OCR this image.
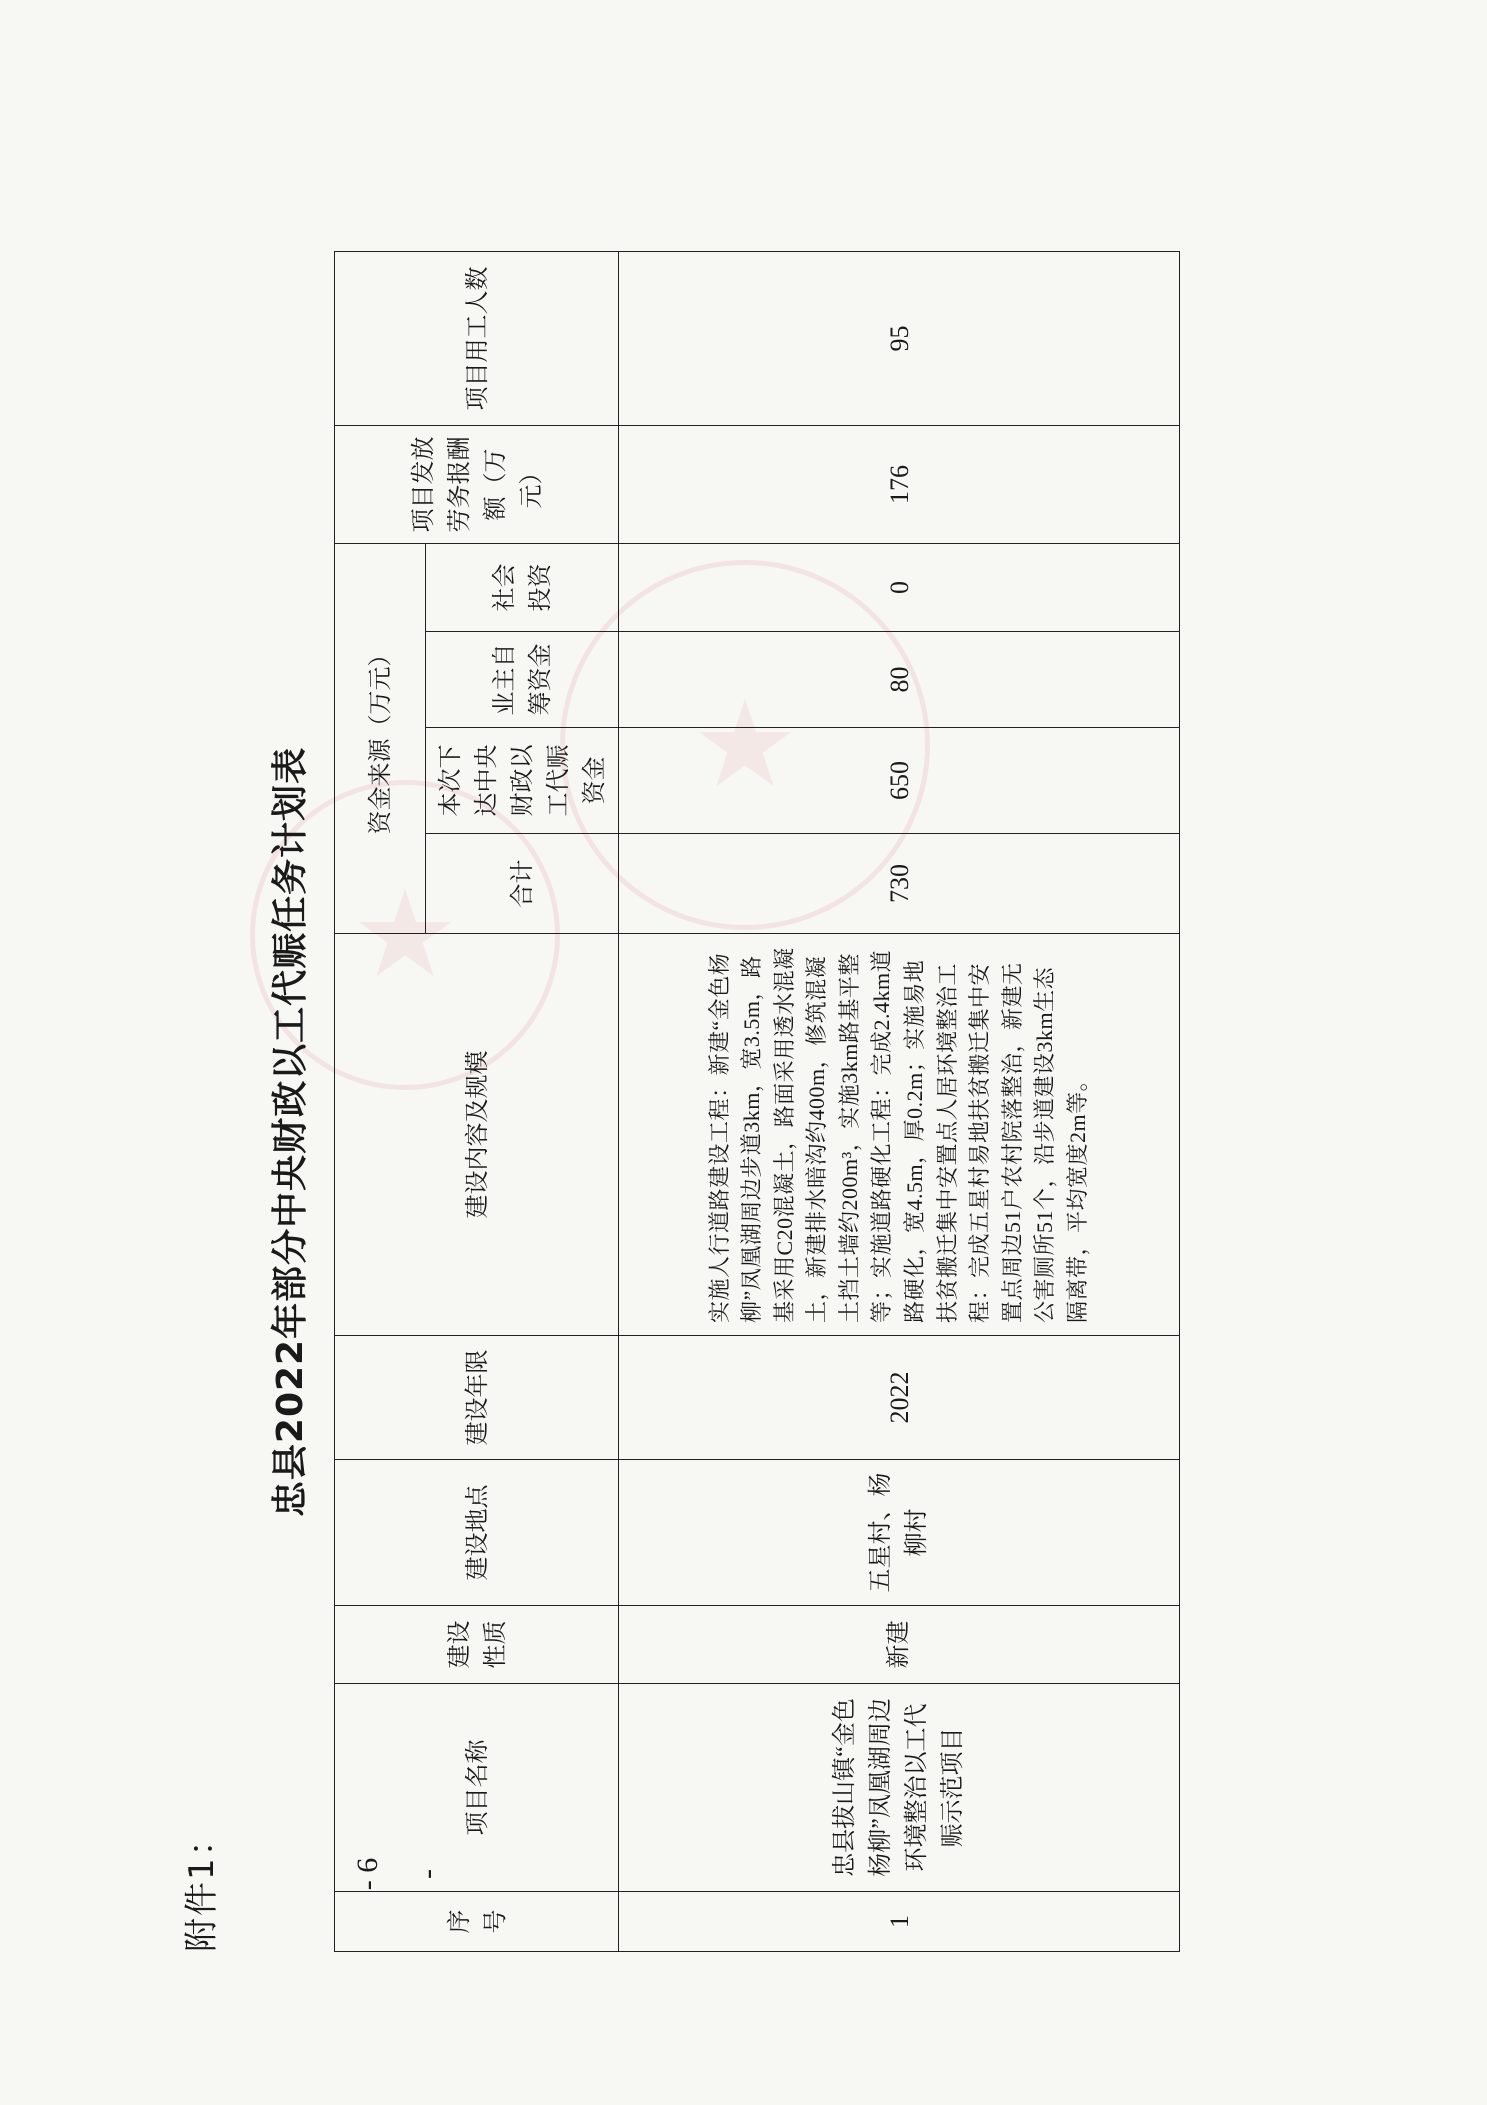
★
★
- 6 -
附件1：
忠县2022年部分中央财政以工代赈任务计划表
序号	项目名称	建设性质	建设地点	建设年限	建设内容及规模	资金来源（万元）				项目发放劳务报酬额（万元）	项目用工人数
						合计	本次下达中央财政以工代赈资金	业主自筹资金	社会投资		
1	忠县拔山镇“金色杨柳”凤凰湖周边环境整治以工代赈示范项目	新建	五星村、杨柳村	2022	实施人行道路建设工程：新建“金色杨柳”凤凰湖周边步道3km，宽3.5m，路基采用C20混凝土，路面采用透水混凝土，新建排水暗沟约400m，修筑混凝土挡土墙约200m³，实施3km路基平整等；实施道路硬化工程：完成2.4km道路硬化，宽4.5m，厚0.2m；实施易地扶贫搬迁集中安置点人居环境整治工程：完成五星村易地扶贫搬迁集中安置点周边51户农村院落整治，新建无公害厕所51个，沿步道建设3km生态隔离带，平均宽度2m等。	730	650	80	0	176	95
